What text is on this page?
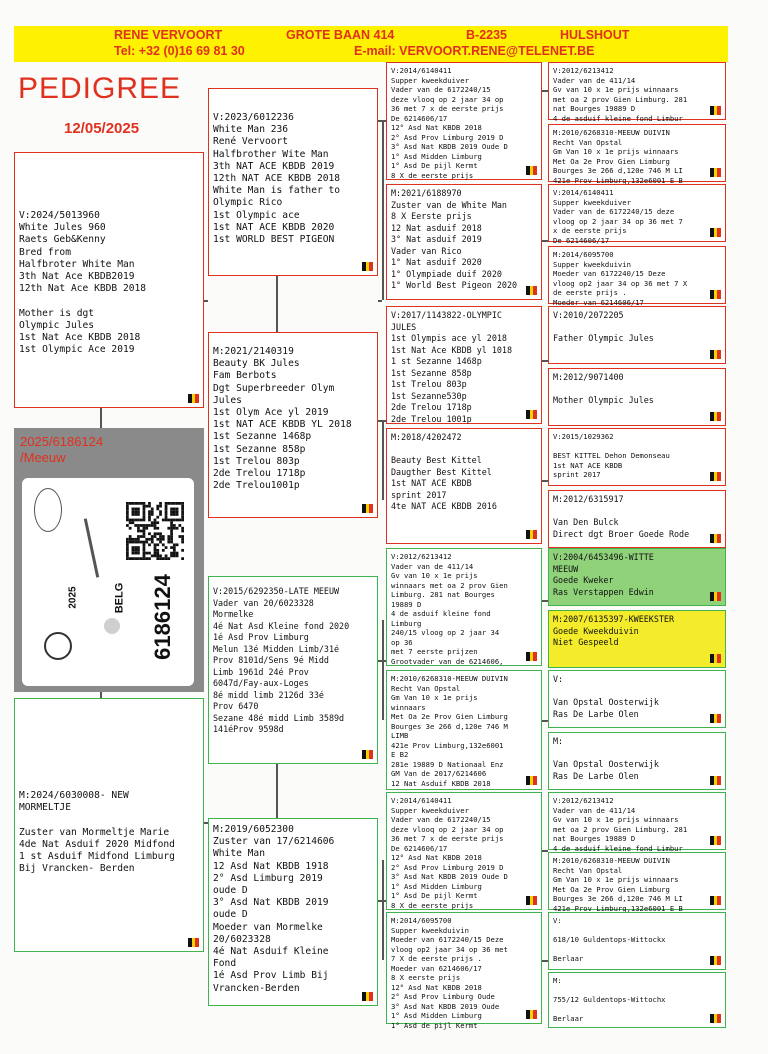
RENE VERVOORT	GROTE BAAN 414	B-2235	HULSHOUT
Tel: +32 (0)16 69 81 30	E-mail: VERVOORT.RENE@TELENET.BE
PEDIGREE
12/05/2025
2025/6186124
/Meeuw
2025	BELG 6186124
V:2024/5013960
White Jules 960
Raets Geb&Kenny
Bred from
Halfbroter White Man
3th Nat Ace KBDB2019
12th Nat Ace KBDB 2018

Mother is dgt
Olympic Jules
1st Nat Ace KBDB 2018
1st Olympic Ace 2019
M:2024/6030008- NEW
MORMELTJE

Zuster van Mormeltje Marie
4de Nat Asduif 2020 Midfond
1 st Asduif Midfond Limburg
Bij Vrancken- Berden
V:2023/6012236
White Man 236
René Vervoort
Halfbrother Wite Man
3th NAT ACE KBDB 2019
12th NAT ACE KBDB 2018
White Man is father to
Olympic Rico
1st Olympic ace
1st NAT ACE KBDB 2020
1st WORLD BEST PIGEON
M:2021/2140319
Beauty BK Jules
Fam Berbots
Dgt Superbreeder Olym
Jules
1st Olym Ace yl 2019
1st NAT ACE KBDB YL 2018
1st Sezanne 1468p
1st Sezanne 858p
1st Trelou 803p
2de Trelou 1718p
2de Trelou1001p
V:2015/6292350-LATE MEEUW
Vader van 20/6023328
Mormelke
4é Nat Asd Kleine fond 2020
1é Asd Prov Limburg
Melun 13é Midden Limb/31é
Prov 8101d/Sens 9é Midd
Limb 1961d 24é Prov
6047d/Fay-aux-Loges
8é midd limb 2126d 33é
Prov 6470
Sezane 48é midd Limb 3589d
141éProv 9598d
M:2019/6052300
Zuster van 17/6214606
White Man
12 Asd Nat KBDB 1918
2° Asd Limburg 2019
oude D
3° Asd Nat KBDB 2019
oude D
Moeder van Mormelke
20/6023328
4é Nat Asduif Kleine
Fond
1é Asd Prov Limb Bij
Vrancken-Berden
V:2014/6140411
Supper kweekduiver
Vader van de 6172240/15
deze vlooq op 2 jaar 34 op
36 met 7 x de eerste prijs
De 6214606/17
12° Asd Nat KBDB 2018
2° Asd Prov Limburg 2019 D
3° Asd Nat KBDB 2019 Oude D
1° Asd Midden Limburg
1° Asd De pijl Kermt
8 X de eerste prijs
M:2021/6188970
Zuster van de White Man
8 X Eerste prijs
12 Nat asduif 2018
3° Nat asduif 2019
Vader van Rico
1° Nat asduif 2020
1° Olympiade duif 2020
1° World Best Pigeon 2020
V:2017/1143822-OLYMPIC
JULES
1st Olympis ace yl 2018
1st Nat Ace KBDB yl 1018
1 st Sezanne 1468p
1st Sezanne 858p
1st Trelou 803p
1st Sezanne530p
2de Trelou 1718p
2de Trelou 1001p
M:2018/4202472

Beauty Best Kittel
Daugther Best Kittel
1st NAT ACE KBDB
sprint 2017
4te NAT ACE KBDB 2016
V:2012/6213412
Vader van de 411/14
Gv van 10 x 1e prijs
winnaars met oa 2 prov Gien
Limburg. 281 nat Bourges
19889 D
4 de asduif kleine fond
Limburg
240/15 vloog op 2 jaar 34
op 36
met 7 eerste prijzen
Grootvader van de 6214606,
M:2010/6268310-MEEUW DUIVIN
Recht Van Opstal
Gm Van 10 x 1e prijs
winnaars
Met Oa 2e Prov Gien Limburg
Bourges 3e 266 d,120e 746 M
LIMB
421e Prov Limburg,132e6001
E B2
281e 19889 D Nationaal Enz
GM Van de 2017/6214606
12 Nat Asduif KBDB 2018
V:2014/6140411
Supper kweekduiver
Vader van de 6172240/15
deze vlooq op 2 jaar 34 op
36 met 7 x de eerste prijs
De 6214606/17
12° Asd Nat KBDB 2018
2° Asd Prov Limburg 2019 D
3° Asd Nat KBDB 2019 Oude D
1° Asd Midden Limburg
1° Asd De pijl Kermt
8 X de eerste prijs
M:2014/6095700
Supper kweekduivin
Moeder van 6172240/15 Deze
vloog op2 jaar 34 op 36 met
7 X de eerste prijs .
Moeder van 6214606/17
8 X eerste prijs
12° Asd Nat KBDB 2018
2° Asd Prov Limburg Oude
3° Asd Nat KBDB 2019 Oude
1° Asd Midden Limburg
1° Asd de pijl Kermt
V:2012/6213412
Vader van de 411/14
Gv van 10 x 1e prijs winnaars
met oa 2 prov Gien Limburg. 281
nat Bourges 19889 D
4 de asduif kleine fond Limbur
M:2010/6268310-MEEUW DUIVIN
Recht Van Opstal
Gm Van 10 x 1e prijs winnaars
Met Oa 2e Prov Gien Limburg
Bourges 3e 266 d,120e 746 M LI
421e Prov Limburg,132e6001 E B
V:2014/6140411
Supper kweekduiver
Vader van de 6172240/15 deze
vloog op 2 jaar 34 op 36 met 7
x de eerste prijs
De 6214606/17
M:2014/6095700
Supper kweekduivin
Moeder van 6172240/15 Deze
vloog op2 jaar 34 op 36 met 7 X
de eerste prijs .
Moeder van 6214606/17
V:2010/2072205

Father Olympic Jules
M:2012/9071400

Mother Olympic Jules
V:2015/1029362

BEST KITTEL Dehon Demonseau
1st NAT ACE KBDB
sprint 2017
M:2012/6315917

Van Den Bulck
Direct dgt Broer Goede Rode
V:2004/6453496-WITTE
MEEUW
Goede Kweker
Ras Verstappen Edwin
M:2007/6135397-KWEEKSTER
Goede Kweekduivin
Niet Gespeeld
V:

Van Opstal Oosterwijk
Ras De Larbe Olen
M:

Van Opstal Oosterwijk
Ras De Larbe Olen
V:2012/6213412
Vader van de 411/14
Gv van 10 x 1e prijs winnaars
met oa 2 prov Gien Limburg. 281
nat Bourges 19889 D
4 de asduif kleine fond Limbur
M:2010/6268310-MEEUW DUIVIN
Recht Van Opstal
Gm Van 10 x 1e prijs winnaars
Met Oa 2e Prov Gien Limburg
Bourges 3e 266 d,120e 746 M LI
421e Prov Limburg,132e6001 E B
V:

618/10 Guldentops-Wittockx

Berlaar
M:

755/12 Guldentops-Wittochx

Berlaar
